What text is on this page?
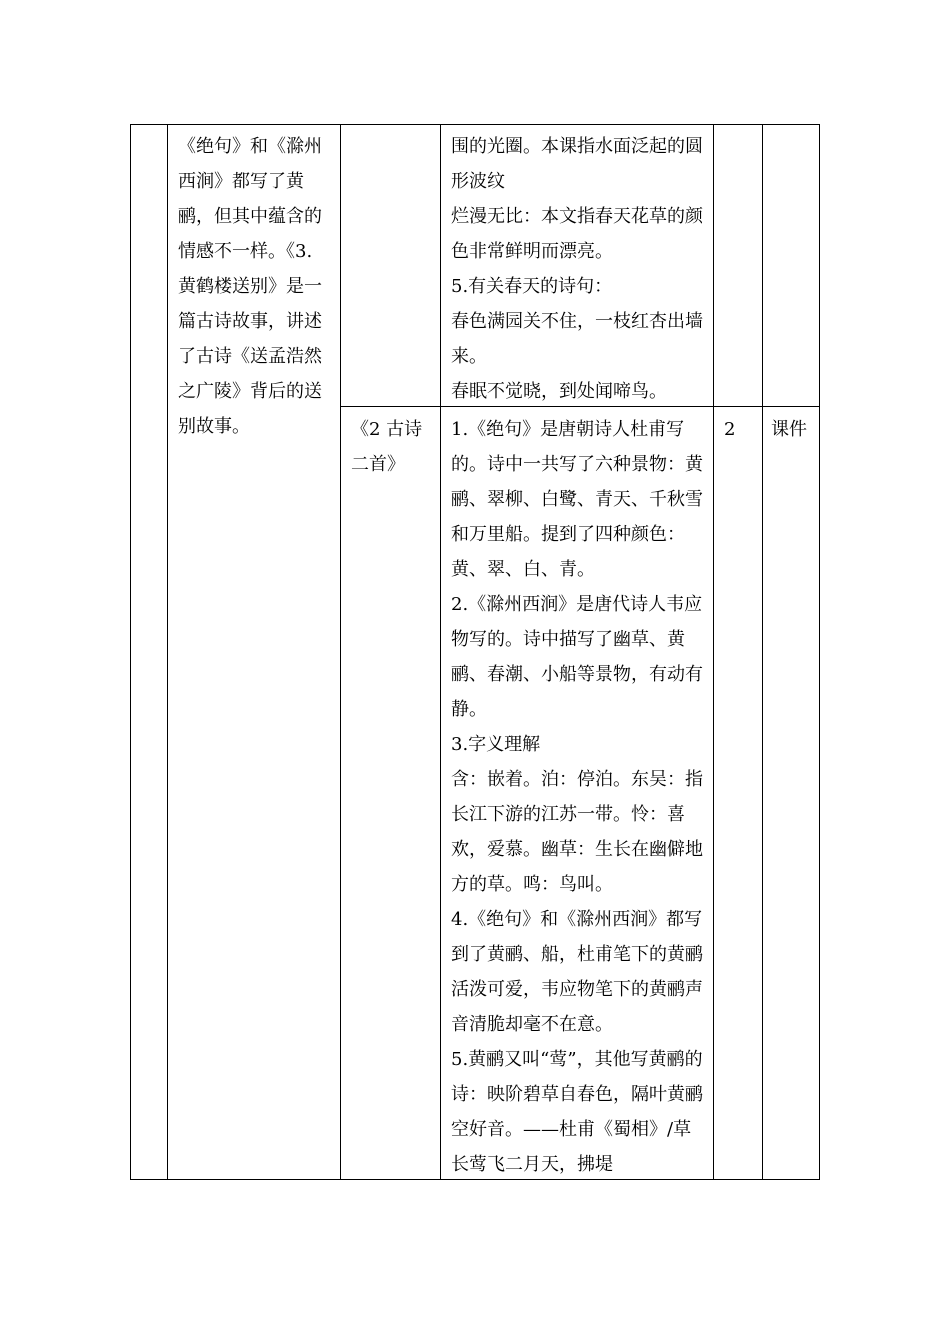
《绝句》和《滁州西涧》都写了黄鹂，但其中蕴含的情感不一样。《3.黄鹤楼送别》是一篇古诗故事，讲述了古诗《送孟浩然之广陵》背后的送别故事。

围的光圈。本课指水面泛起的圆形波纹

烂漫无比：本文指春天花草的颜色非常鲜明而漂亮。

5.有关春天的诗句：

春色满园关不住，一枝红杏出墙来。

春眠不觉晓，到处闻啼鸟。

《2 古诗二首》

1.《绝句》是唐朝诗人杜甫写的。诗中一共写了六种景物：黄鹂、翠柳、白鹭、青天、千秋雪和万里船。提到了四种颜色：黄、翠、白、青。

2.《滁州西涧》是唐代诗人韦应物写的。诗中描写了幽草、黄鹂、春潮、小船等景物，有动有静。

3.字义理解

含：嵌着。泊：停泊。东吴：指长江下游的江苏一带。怜：喜欢，爱慕。幽草：生长在幽僻地方的草。鸣：鸟叫。

4.《绝句》和《滁州西涧》都写到了黄鹂、船，杜甫笔下的黄鹂活泼可爱，韦应物笔下的黄鹂声音清脆却毫不在意。

5.黄鹂又叫“莺”，其他写黄鹂的诗：映阶碧草自春色，隔叶黄鹂空好音。——杜甫《蜀相》/草长莺飞二月天，拂堤

2	课件
